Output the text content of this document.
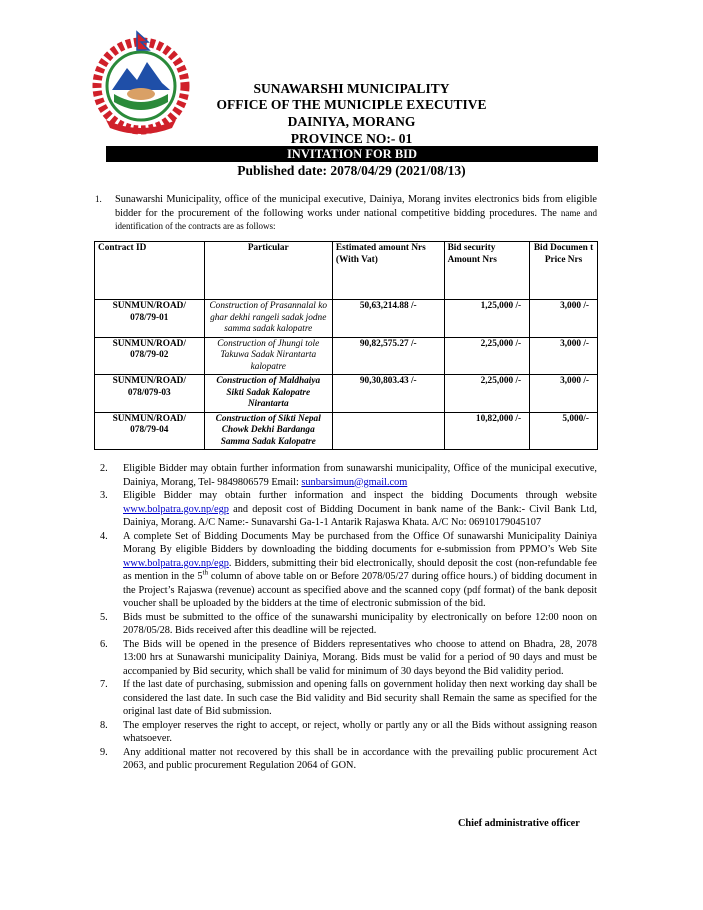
SUNAWARSHI MUNICIPALITY
OFFICE OF THE MUNICIPLE EXECUTIVE
DAINIYA, MORANG
PROVINCE NO:- 01
INVITATION FOR BID
Published date: 2078/04/29 (2021/08/13)
1. Sunawarshi Municipality, office of the municipal executive, Dainiya, Morang invites electronics bids from eligible bidder for the procurement of the following works under national competitive bidding procedures. The name and identification of the contracts are as follows:
Contract ID	Particular	Estimated amount Nrs (With Vat)	Bid security Amount Nrs	Bid Documen t Price Nrs
SUNMUN/ROAD/ 078/79-01	Construction of Prasannalal ko ghar dekhi rangeli sadak jodne samma sadak kalopatre	50,63,214.88 /-	1,25,000 /-	3,000 /-
SUNMUN/ROAD/ 078/79-02	Construction of Jhungi tole Takuwa Sadak Nirantarta kalopatre	90,82,575.27 /-	2,25,000 /-	3,000 /-
SUNMUN/ROAD/ 078/079-03	Construction of Maldhaiya Sikti Sadak Kalopatre Nirantarta	90,30,803.43 /-	2,25,000 /-	3,000 /-
SUNMUN/ROAD/ 078/79-04	Construction of Sikti Nepal Chowk Dekhi Bardanga Samma Sadak Kalopatre		10,82,000 /-	5,000/-
2. Eligible Bidder may obtain further information from sunawarshi municipality, Office of the municipal executive, Dainiya, Morang, Tel- 9849806579 Email: sunbarsimun@gmail.com
3. Eligible Bidder may obtain further information and inspect the bidding Documents through website www.bolpatra.gov.np/egp and deposit cost of Bidding Document in bank name of the Bank:- Civil Bank Ltd, Dainiya, Morang. A/C Name:- Sunavarshi Ga-1-1 Antarik Rajaswa Khata. A/C No: 06910179045107
4. A complete Set of Bidding Documents May be purchased from the Office Of sunawarshi Municipality Dainiya Morang By eligible Bidders by downloading the bidding documents for e-submission from PPMO’s Web Site www.bolpatra.gov.np/egp. Bidders, submitting their bid electronically, should deposit the cost (non-refundable fee as mention in the 5th column of above table on or Before 2078/05/27 during office hours.) of bidding document in the Project’s Rajaswa (revenue) account as specified above and the scanned copy (pdf format) of the bank deposit voucher shall be uploaded by the bidders at the time of electronic submission of the bid.
5. Bids must be submitted to the office of the sunawarshi municipality by electronically on before 12:00 noon on 2078/05/28. Bids received after this deadline will be rejected.
6. The Bids will be opened in the presence of Bidders representatives who choose to attend on Bhadra, 28, 2078 13:00 hrs at Sunawarshi municipality Dainiya, Morang. Bids must be valid for a period of 90 days and must be accompanied by Bid security, which shall be valid for minimum of 30 days beyond the Bid validity period.
7. If the last date of purchasing, submission and opening falls on government holiday then next working day shall be considered the last date. In such case the Bid validity and Bid security shall Remain the same as specified for the original last date of Bid submission.
8. The employer reserves the right to accept, or reject, wholly or partly any or all the Bids without assigning reason whatsoever.
9. Any additional matter not recovered by this shall be in accordance with the prevailing public procurement Act 2063, and public procurement Regulation 2064 of GON.
Chief administrative officer
